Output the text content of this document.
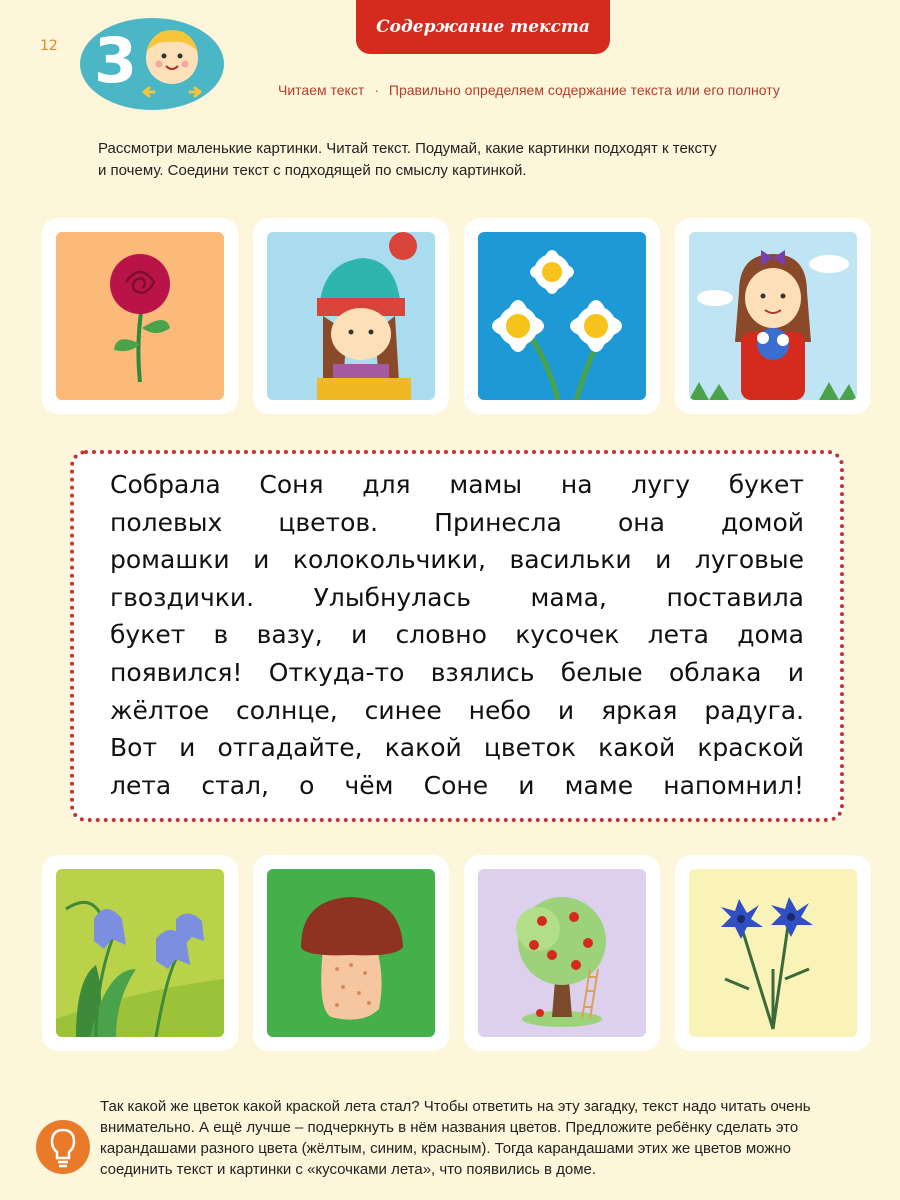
12 3	Содержание текста
Читаем текст · Правильно определяем содержание текста или его полноту
Рассмотри маленькие картинки. Читай текст. Подумай, какие картинки подходят к тексту
и почему. Соедини текст с подходящей по смыслу картинкой.
Собрала Соня для мамы на лугу букет
полевых цветов. Принесла она домой
ромашки и колокольчики, васильки и луговые
гвоздички. Улыбнулась мама, поставила
букет в вазу, и словно кусочек лета дома
появился! Откуда-то взялись белые облака и
жёлтое солнце, синее небо и яркая радуга.
Вот и отгадайте, какой цветок какой краской
лета стал, о чём Соне и маме напомнил!
Так какой же цветок какой краской лета стал? Чтобы ответить на эту загадку, текст надо читать очень
внимательно. А ещё лучше – подчеркнуть в нём названия цветов. Предложите ребёнку сделать это
карандашами разного цвета (жёлтым, синим, красным). Тогда карандашами этих же цветов можно
соединить текст и картинки с «кусочками лета», что появились в доме.
